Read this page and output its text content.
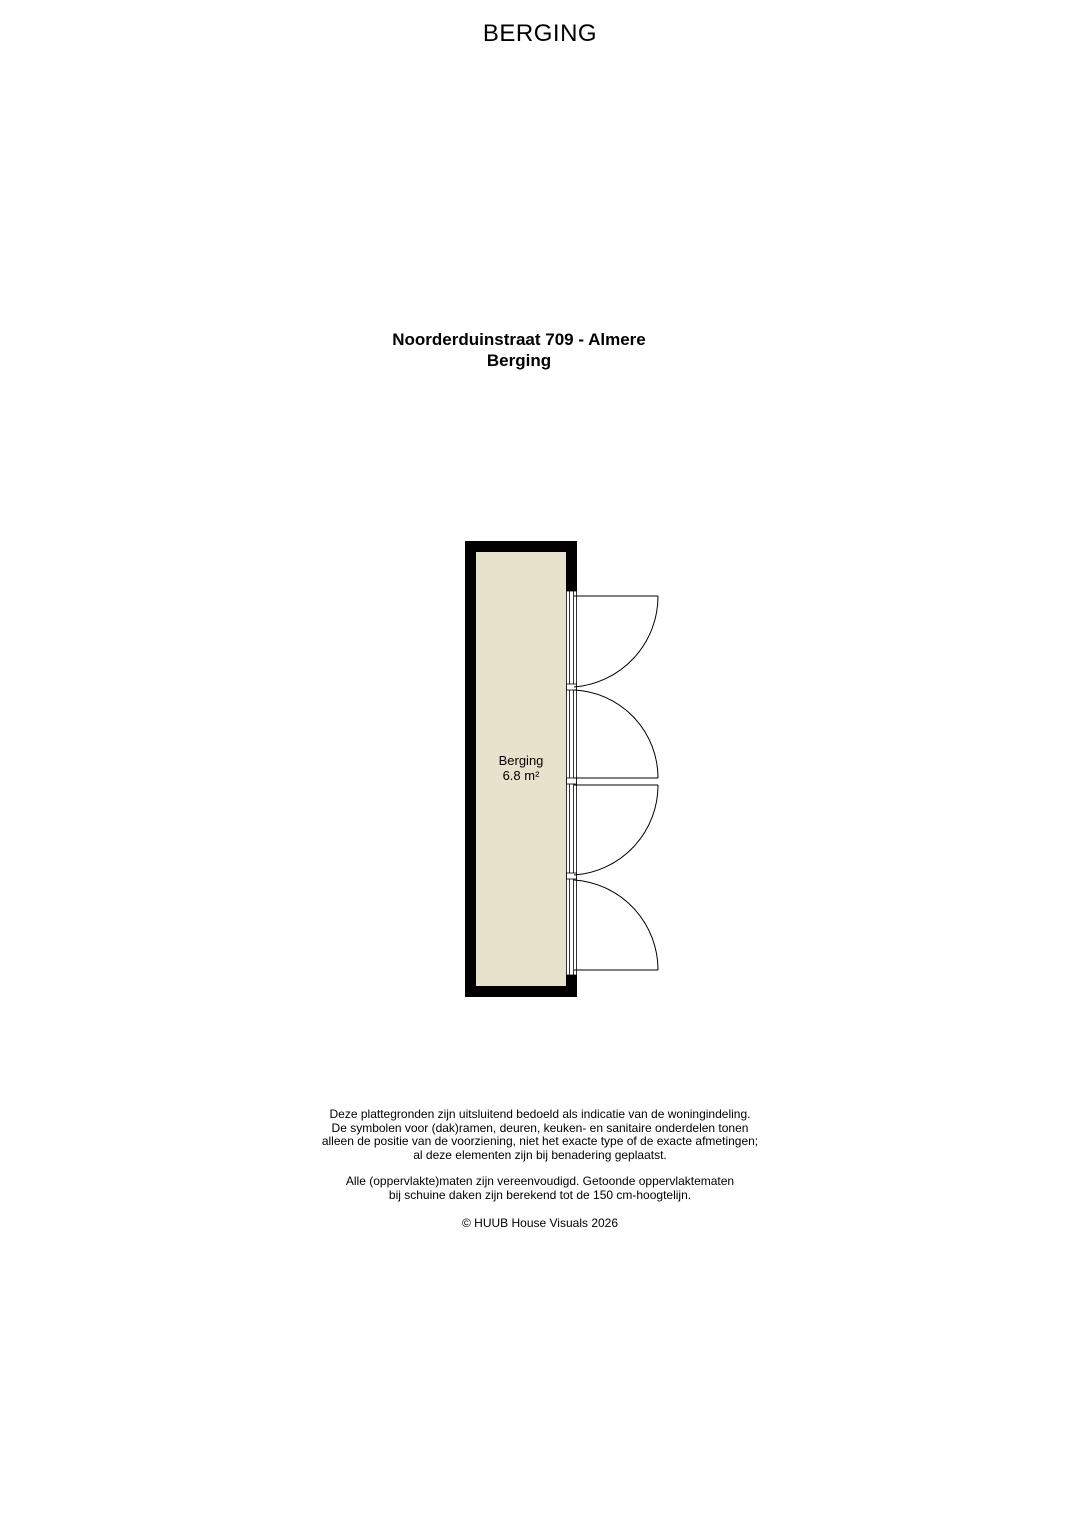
BERGING
Noorderduinstraat 709 - Almere
Berging
Berging
6.8 m²

Deze plattegronden zijn uitsluitend bedoeld als indicatie van de woningindeling.
De symbolen voor (dak)ramen, deuren, keuken- en sanitaire onderdelen tonen
alleen de positie van de voorziening, niet het exacte type of de exacte afmetingen;
al deze elementen zijn bij benadering geplaatst.

Alle (oppervlakte)maten zijn vereenvoudigd. Getoonde oppervlaktematen
bij schuine daken zijn berekend tot de 150 cm-hoogtelijn.

© HUUB House Visuals 2026
